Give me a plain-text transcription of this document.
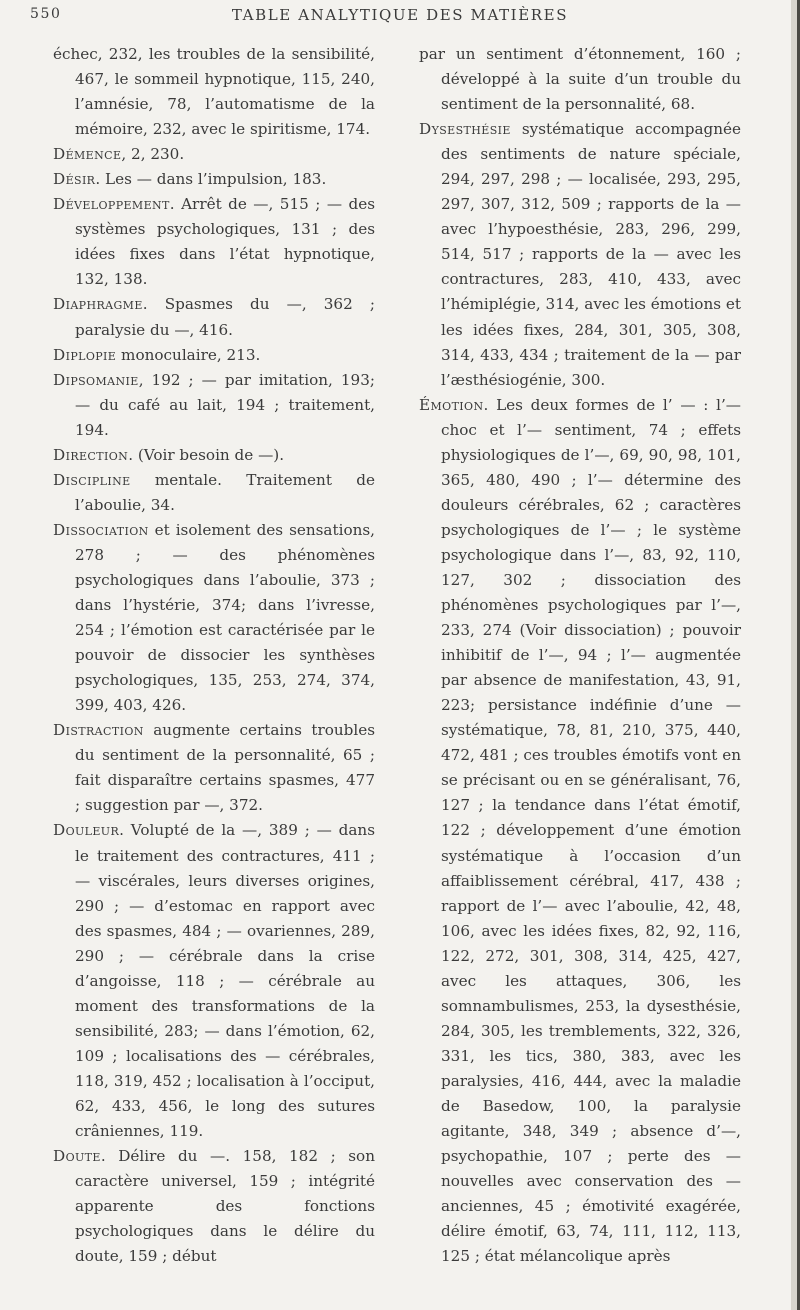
550	TABLE ANALYTIQUE DES MATIÈRES

échec, 232, les troubles de la sensibilité, 467, le sommeil hypnotique, 115, 240, l’amnésie, 78, l’automatisme de la mémoire, 232, avec le spiritisme, 174.

Démence, 2, 230.

Désir. Les — dans l’impulsion, 183.

Développement. Arrêt de —, 515 ; — des systèmes psychologiques, 131 ; des idées fixes dans l’état hypnotique, 132, 138.

Diaphragme. Spasmes du —, 362 ; paralysie du —, 416.

Diplopie monoculaire, 213.

Dipsomanie, 192 ; — par imitation, 193; — du café au lait, 194 ; traitement, 194.

Direction. (Voir besoin de —).

Discipline mentale. Traitement de l’aboulie, 34.

Dissociation et isolement des sensations, 278 ; — des phénomènes psychologiques dans l’aboulie, 373 ; dans l’hystérie, 374; dans l’ivresse, 254 ; l’émotion est caractérisée par le pouvoir de dissocier les synthèses psychologiques, 135, 253, 274, 374, 399, 403, 426.

Distraction augmente certains troubles du sentiment de la personnalité, 65 ; fait disparaître certains spasmes, 477 ; suggestion par —, 372.

Douleur. Volupté de la —, 389 ; — dans le traitement des contractures, 411 ; — viscérales, leurs diverses origines, 290 ; — d’estomac en rapport avec des spasmes, 484 ; — ovariennes, 289, 290 ; — cérébrale dans la crise d’angoisse, 118 ; — cérébrale au moment des transformations de la sensibilité, 283; — dans l’émotion, 62, 109 ; localisations des — cérébrales, 118, 319, 452 ; localisation à l’occiput, 62, 433, 456, le long des sutures crâniennes, 119.

Doute. Délire du —. 158, 182 ; son caractère universel, 159 ; intégrité apparente des fonctions psychologiques dans le délire du doute, 159 ; début

par un sentiment d’étonnement, 160 ; développé à la suite d’un trouble du sentiment de la personnalité, 68.

Dysesthésie systématique accompagnée des sentiments de nature spéciale, 294, 297, 298 ; — localisée, 293, 295, 297, 307, 312, 509 ; rapports de la — avec l’hypoesthésie, 283, 296, 299, 514, 517 ; rapports de la — avec les contractures, 283, 410, 433, avec l’hémiplégie, 314, avec les émotions et les idées fixes, 284, 301, 305, 308, 314, 433, 434 ; traitement de la — par l’æsthésiogénie, 300.

Émotion. Les deux formes de l’ — : l’— choc et l’— sentiment, 74 ; effets physiologiques de l’—, 69, 90, 98, 101, 365, 480, 490 ; l’— détermine des douleurs cérébrales, 62 ; caractères psychologiques de l’— ; le système psychologique dans l’—, 83, 92, 110, 127, 302 ; dissociation des phénomènes psychologiques par l’—, 233, 274 (Voir dissociation) ; pouvoir inhibitif de l’—, 94 ; l’— augmentée par absence de manifestation, 43, 91, 223; persistance indéfinie d’une — systématique, 78, 81, 210, 375, 440, 472, 481 ; ces troubles émotifs vont en se précisant ou en se généralisant, 76, 127 ; la tendance dans l’état émotif, 122 ; développement d’une émotion systématique à l’occasion d’un affaiblissement cérébral, 417, 438 ; rapport de l’— avec l’aboulie, 42, 48, 106, avec les idées fixes, 82, 92, 116, 122, 272, 301, 308, 314, 425, 427, avec les attaques, 306, les somnambulismes, 253, la dysesthésie, 284, 305, les tremblements, 322, 326, 331, les tics, 380, 383, avec les paralysies, 416, 444, avec la maladie de Basedow, 100, la paralysie agitante, 348, 349 ; absence d’—, psychopathie, 107 ; perte des — nouvelles avec conservation des — anciennes, 45 ; émotivité exagérée, délire émotif, 63, 74, 111, 112, 113, 125 ; état mélancolique après
